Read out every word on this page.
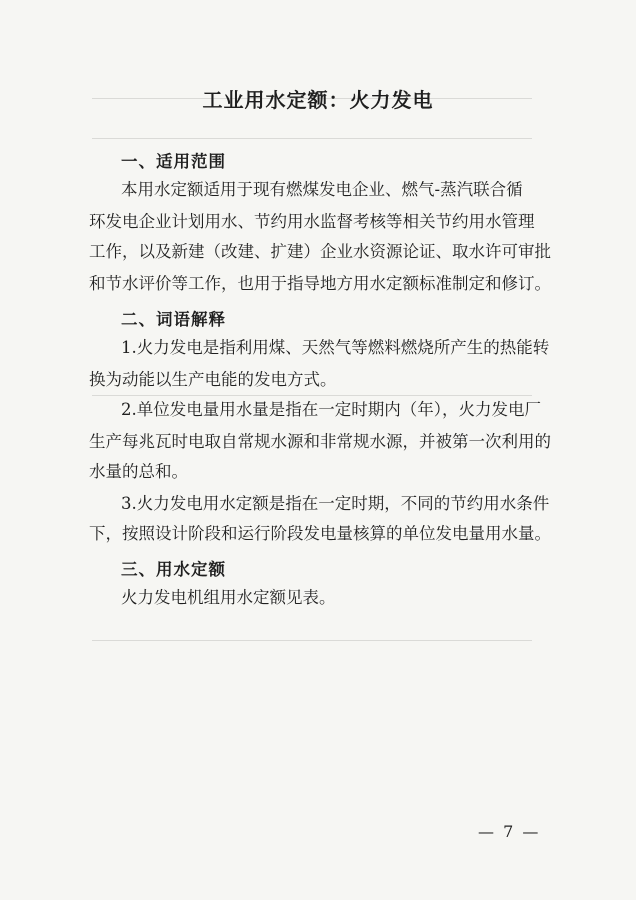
工业用水定额：火力发电
一、适用范围
本用水定额适用于现有燃煤发电企业、燃气-蒸汽联合循
环发电企业计划用水、节约用水监督考核等相关节约用水管理
工作，以及新建（改建、扩建）企业水资源论证、取水许可审批
和节水评价等工作，也用于指导地方用水定额标准制定和修订。
二、词语解释
1.火力发电是指利用煤、天然气等燃料燃烧所产生的热能转
换为动能以生产电能的发电方式。
2.单位发电量用水量是指在一定时期内（年），火力发电厂
生产每兆瓦时电取自常规水源和非常规水源，并被第一次利用的
水量的总和。
3.火力发电用水定额是指在一定时期，不同的节约用水条件
下，按照设计阶段和运行阶段发电量核算的单位发电量用水量。
三、用水定额
火力发电机组用水定额见表。
— 7 —
